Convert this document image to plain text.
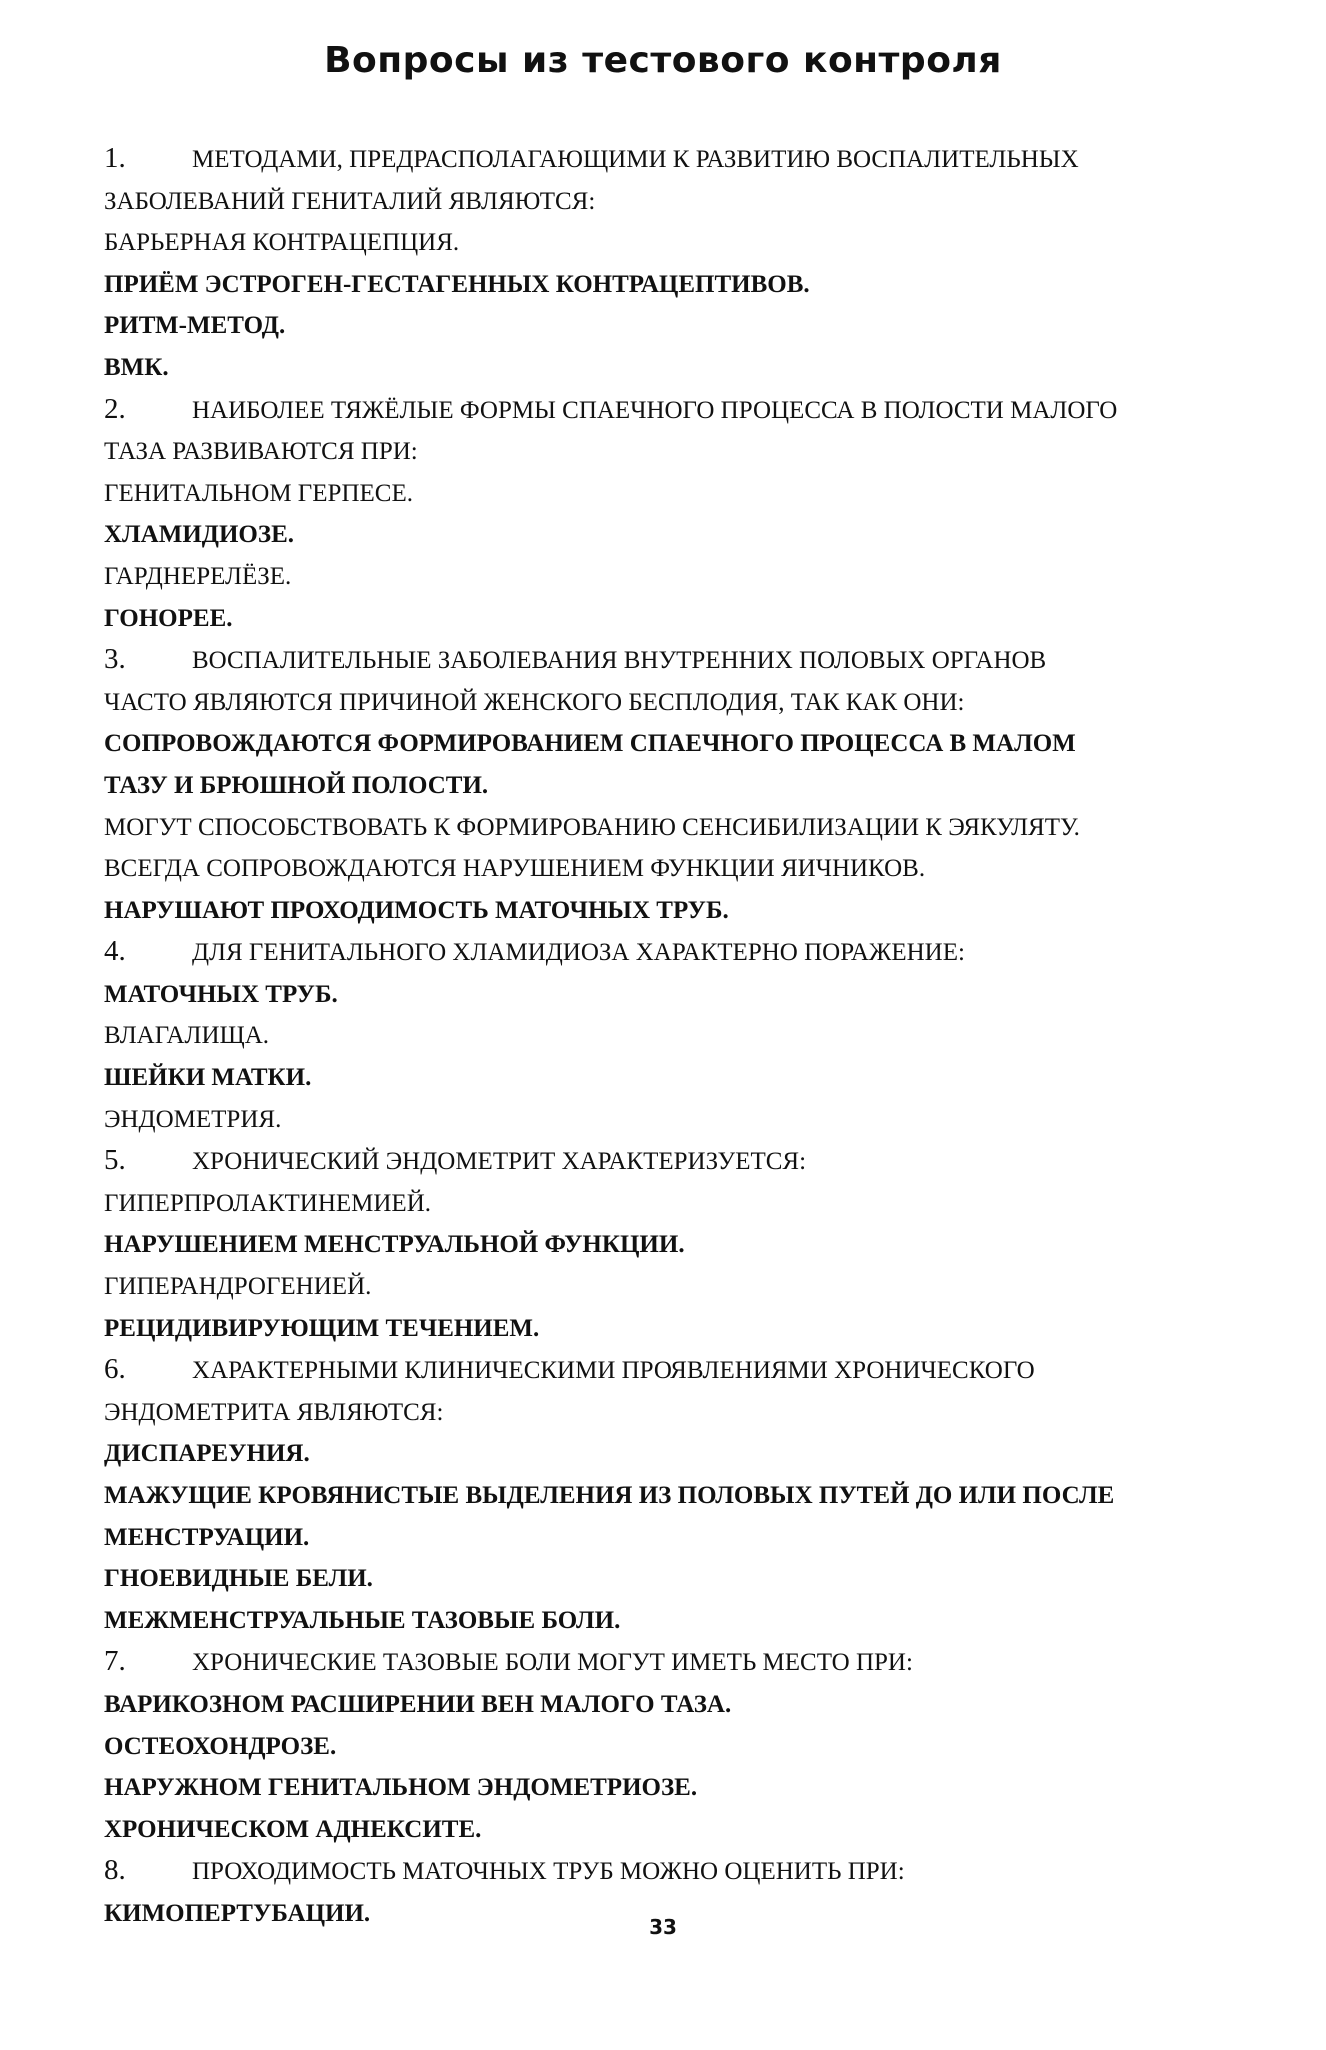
Вопросы из тестового контроля
1.	МЕТОДАМИ, ПРЕДРАСПОЛАГАЮЩИМИ К РАЗВИТИЮ ВОСПАЛИТЕЛЬНЫХ
ЗАБОЛЕВАНИЙ ГЕНИТАЛИЙ ЯВЛЯЮТСЯ:
БАРЬЕРНАЯ КОНТРАЦЕПЦИЯ.
ПРИЁМ ЭСТРОГЕН-ГЕСТАГЕННЫХ КОНТРАЦЕПТИВОВ.
РИТМ-МЕТОД.
ВМК.
2.	НАИБОЛЕЕ ТЯЖЁЛЫЕ ФОРМЫ СПАЕЧНОГО ПРОЦЕССА В ПОЛОСТИ МАЛОГО
ТАЗА РАЗВИВАЮТСЯ ПРИ:
ГЕНИТАЛЬНОМ ГЕРПЕСЕ.
ХЛАМИДИОЗЕ.
ГАРДНЕРЕЛЁЗЕ.
ГОНОРЕЕ.
3.	ВОСПАЛИТЕЛЬНЫЕ ЗАБОЛЕВАНИЯ ВНУТРЕННИХ ПОЛОВЫХ ОРГАНОВ
ЧАСТО ЯВЛЯЮТСЯ ПРИЧИНОЙ ЖЕНСКОГО БЕСПЛОДИЯ, ТАК КАК ОНИ:
СОПРОВОЖДАЮТСЯ ФОРМИРОВАНИЕМ СПАЕЧНОГО ПРОЦЕССА В МАЛОМ
ТАЗУ И БРЮШНОЙ ПОЛОСТИ.
МОГУТ СПОСОБСТВОВАТЬ К ФОРМИРОВАНИЮ СЕНСИБИЛИЗАЦИИ К ЭЯКУЛЯТУ.
ВСЕГДА СОПРОВОЖДАЮТСЯ НАРУШЕНИЕМ ФУНКЦИИ ЯИЧНИКОВ.
НАРУШАЮТ ПРОХОДИМОСТЬ МАТОЧНЫХ ТРУБ.
4.	ДЛЯ ГЕНИТАЛЬНОГО ХЛАМИДИОЗА ХАРАКТЕРНО ПОРАЖЕНИЕ:
МАТОЧНЫХ ТРУБ.
ВЛАГАЛИЩА.
ШЕЙКИ МАТКИ.
ЭНДОМЕТРИЯ.
5.	ХРОНИЧЕСКИЙ ЭНДОМЕТРИТ ХАРАКТЕРИЗУЕТСЯ:
ГИПЕРПРОЛАКТИНЕМИЕЙ.
НАРУШЕНИЕМ МЕНСТРУАЛЬНОЙ ФУНКЦИИ.
ГИПЕРАНДРОГЕНИЕЙ.
РЕЦИДИВИРУЮЩИМ ТЕЧЕНИЕМ.
6.	ХАРАКТЕРНЫМИ КЛИНИЧЕСКИМИ ПРОЯВЛЕНИЯМИ ХРОНИЧЕСКОГО
ЭНДОМЕТРИТА ЯВЛЯЮТСЯ:
ДИСПАРЕУНИЯ.
МАЖУЩИЕ КРОВЯНИСТЫЕ ВЫДЕЛЕНИЯ ИЗ ПОЛОВЫХ ПУТЕЙ ДО ИЛИ ПОСЛЕ
МЕНСТРУАЦИИ.
ГНОЕВИДНЫЕ БЕЛИ.
МЕЖМЕНСТРУАЛЬНЫЕ ТАЗОВЫЕ БОЛИ.
7.	ХРОНИЧЕСКИЕ ТАЗОВЫЕ БОЛИ МОГУТ ИМЕТЬ МЕСТО ПРИ:
ВАРИКОЗНОМ РАСШИРЕНИИ ВЕН МАЛОГО ТАЗА.
ОСТЕОХОНДРОЗЕ.
НАРУЖНОМ ГЕНИТАЛЬНОМ ЭНДОМЕТРИОЗЕ.
ХРОНИЧЕСКОМ АДНЕКСИТЕ.
8.	ПРОХОДИМОСТЬ МАТОЧНЫХ ТРУБ МОЖНО ОЦЕНИТЬ ПРИ:
КИМОПЕРТУБАЦИИ.
33
